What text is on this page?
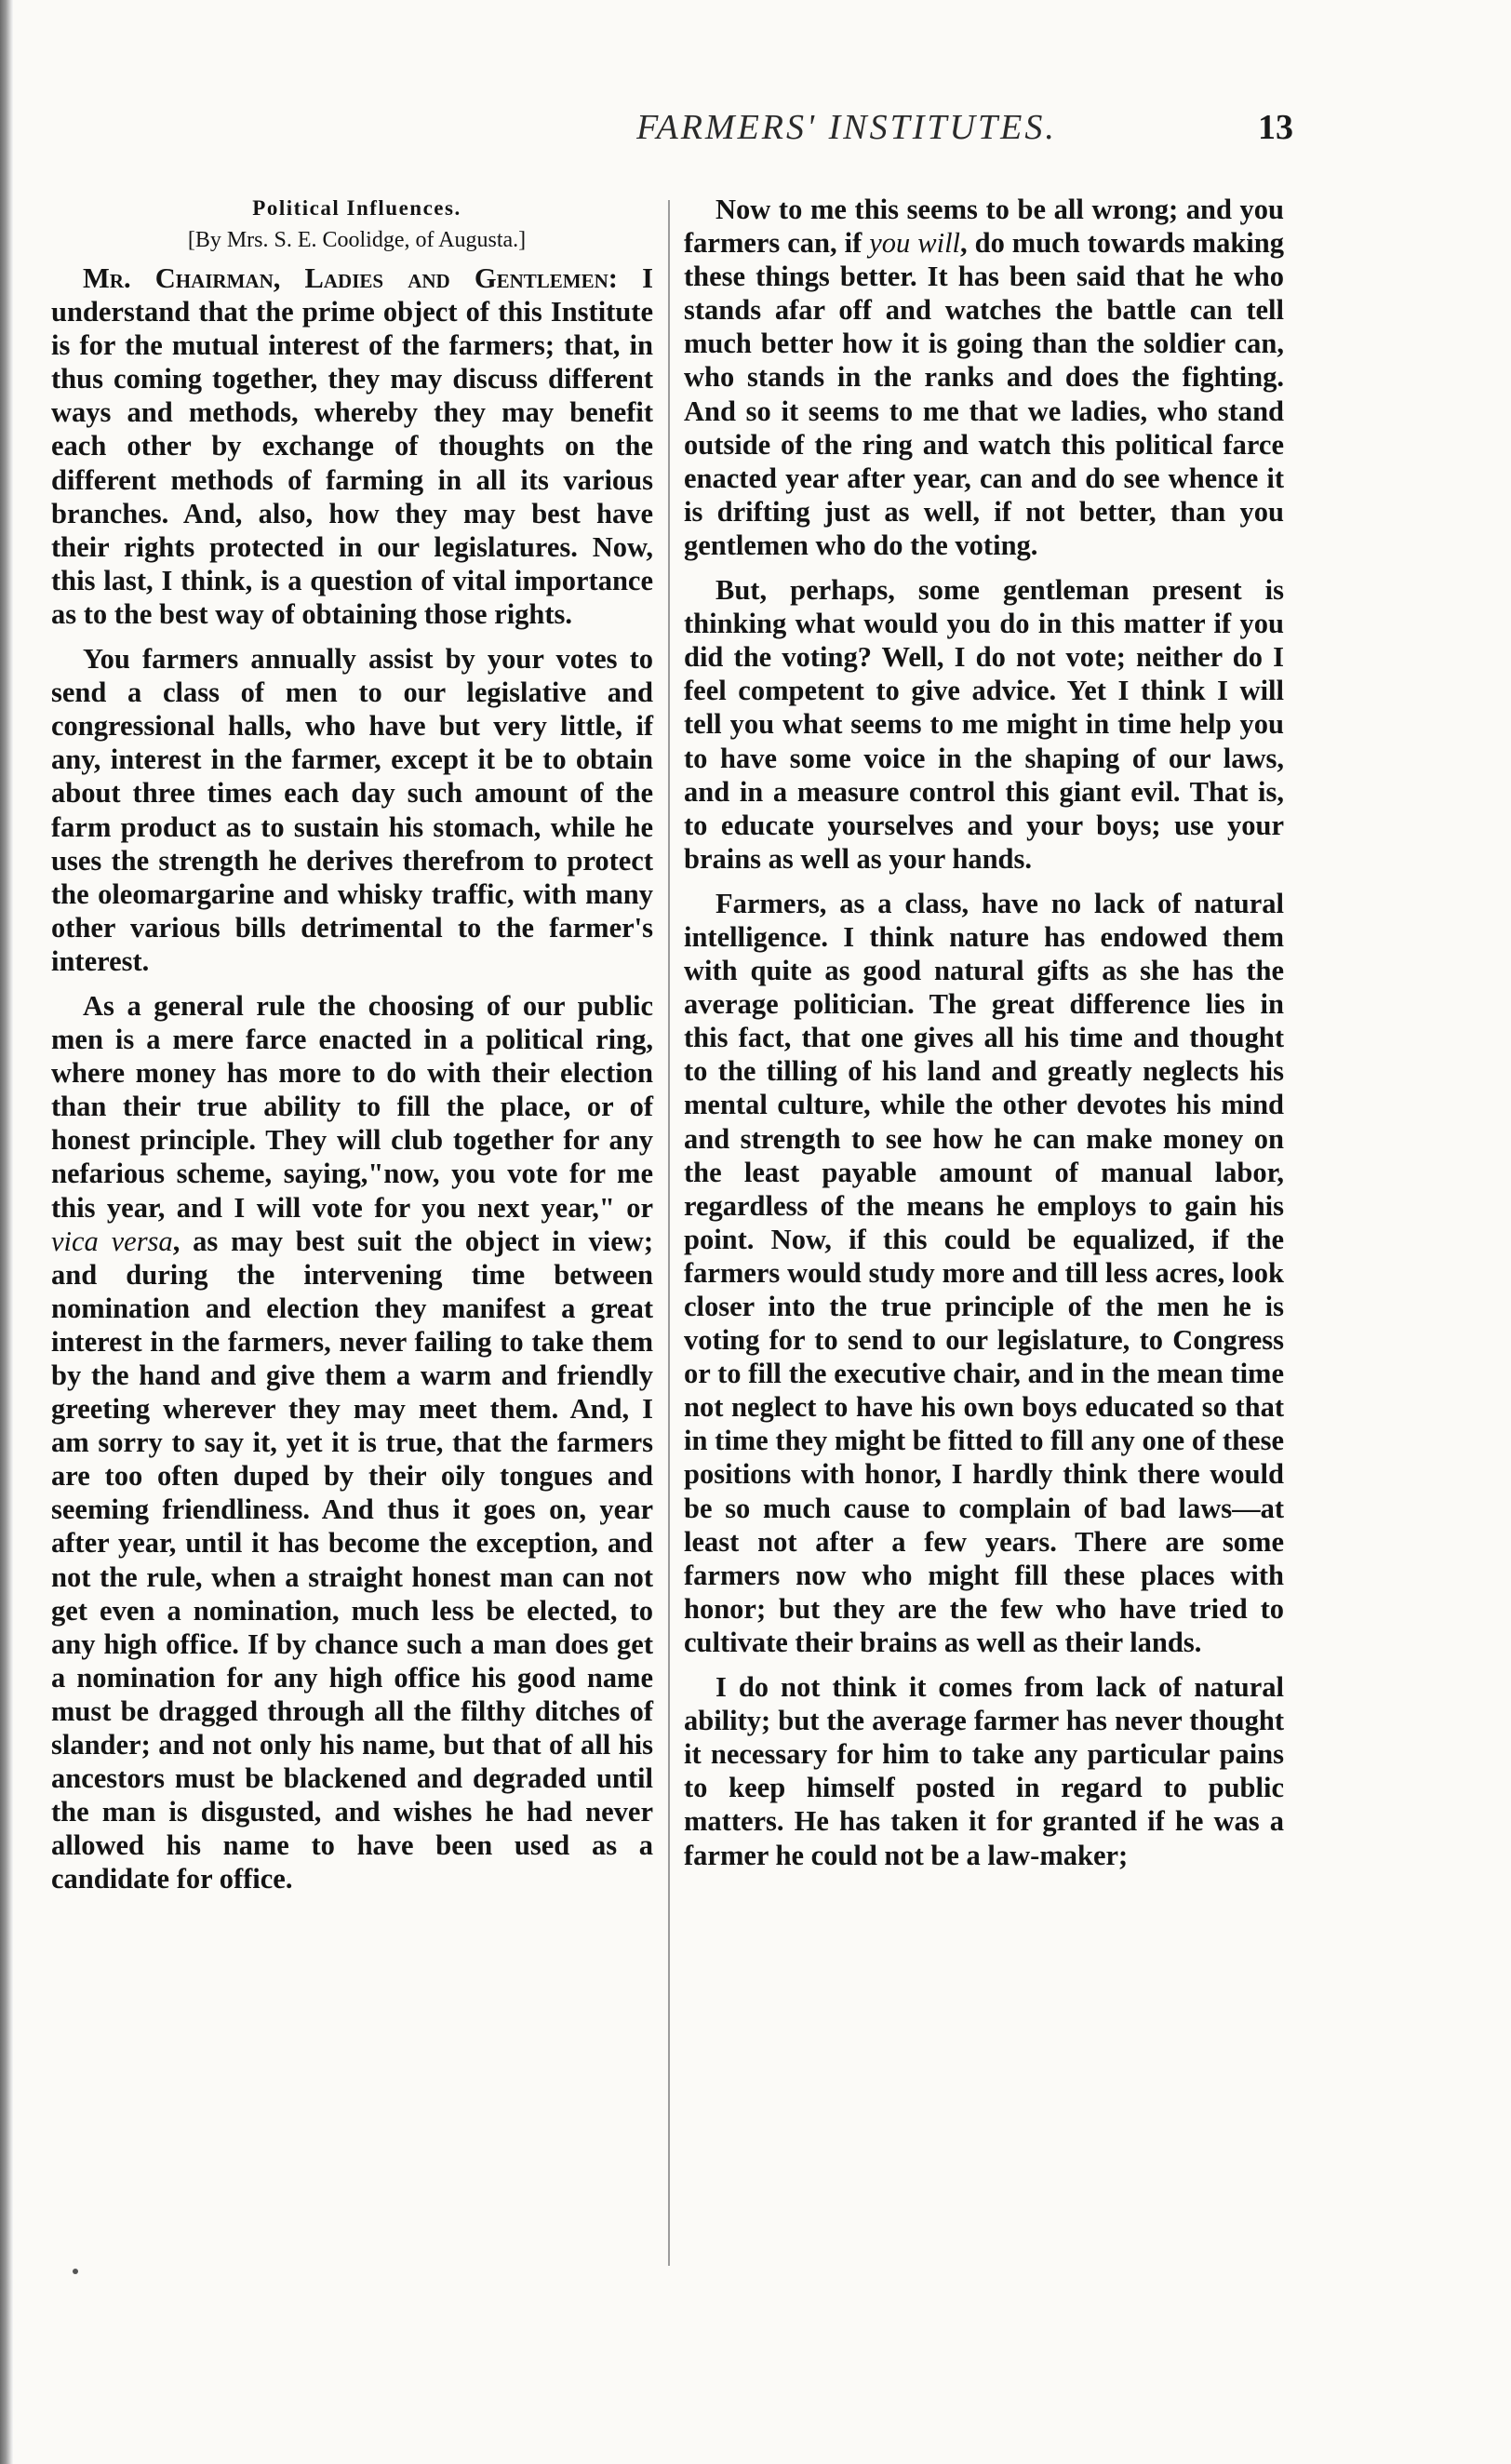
FARMERS' INSTITUTES.	13
Political Influences.
[By Mrs. S. E. Coolidge, of Augusta.]

Mr. Chairman, Ladies and Gentlemen: I understand that the prime object of this Institute is for the mutual interest of the farmers; that, in thus coming together, they may discuss different ways and methods, whereby they may benefit each other by exchange of thoughts on the different methods of farming in all its various branches. And, also, how they may best have their rights protected in our legislatures. Now, this last, I think, is a question of vital importance as to the best way of obtaining those rights.

You farmers annually assist by your votes to send a class of men to our legislative and congressional halls, who have but very little, if any, interest in the farmer, except it be to obtain about three times each day such amount of the farm product as to sustain his stomach, while he uses the strength he derives therefrom to protect the oleomargarine and whisky traffic, with many other various bills detrimental to the farmer's interest.

As a general rule the choosing of our public men is a mere farce enacted in a political ring, where money has more to do with their election than their true ability to fill the place, or of honest principle. They will club together for any nefarious scheme, saying,"now, you vote for me this year, and I will vote for you next year," or vica versa, as may best suit the object in view; and during the intervening time between nomination and election they manifest a great interest in the farmers, never failing to take them by the hand and give them a warm and friendly greeting wherever they may meet them. And, I am sorry to say it, yet it is true, that the farmers are too often duped by their oily tongues and seeming friendliness. And thus it goes on, year after year, until it has become the exception, and not the rule, when a straight honest man can not get even a nomination, much less be elected, to any high office. If by chance such a man does get a nomination for any high office his good name must be dragged through all the filthy ditches of slander; and not only his name, but that of all his ancestors must be blackened and degraded until the man is disgusted, and wishes he had never allowed his name to have been used as a candidate for office.

Now to me this seems to be all wrong; and you farmers can, if you will, do much towards making these things better. It has been said that he who stands afar off and watches the battle can tell much better how it is going than the soldier can, who stands in the ranks and does the fighting. And so it seems to me that we ladies, who stand outside of the ring and watch this political farce enacted year after year, can and do see whence it is drifting just as well, if not better, than you gentlemen who do the voting.

But, perhaps, some gentleman present is thinking what would you do in this matter if you did the voting? Well, I do not vote; neither do I feel competent to give advice. Yet I think I will tell you what seems to me might in time help you to have some voice in the shaping of our laws, and in a measure control this giant evil. That is, to educate yourselves and your boys; use your brains as well as your hands.

Farmers, as a class, have no lack of natural intelligence. I think nature has endowed them with quite as good natural gifts as she has the average politician. The great difference lies in this fact, that one gives all his time and thought to the tilling of his land and greatly neglects his mental culture, while the other devotes his mind and strength to see how he can make money on the least payable amount of manual labor, regardless of the means he employs to gain his point. Now, if this could be equalized, if the farmers would study more and till less acres, look closer into the true principle of the men he is voting for to send to our legislature, to Congress or to fill the executive chair, and in the mean time not neglect to have his own boys educated so that in time they might be fitted to fill any one of these positions with honor, I hardly think there would be so much cause to complain of bad laws—at least not after a few years. There are some farmers now who might fill these places with honor; but they are the few who have tried to cultivate their brains as well as their lands.

I do not think it comes from lack of natural ability; but the average farmer has never thought it necessary for him to take any particular pains to keep himself posted in regard to public matters. He has taken it for granted if he was a farmer he could not be a law-maker;
